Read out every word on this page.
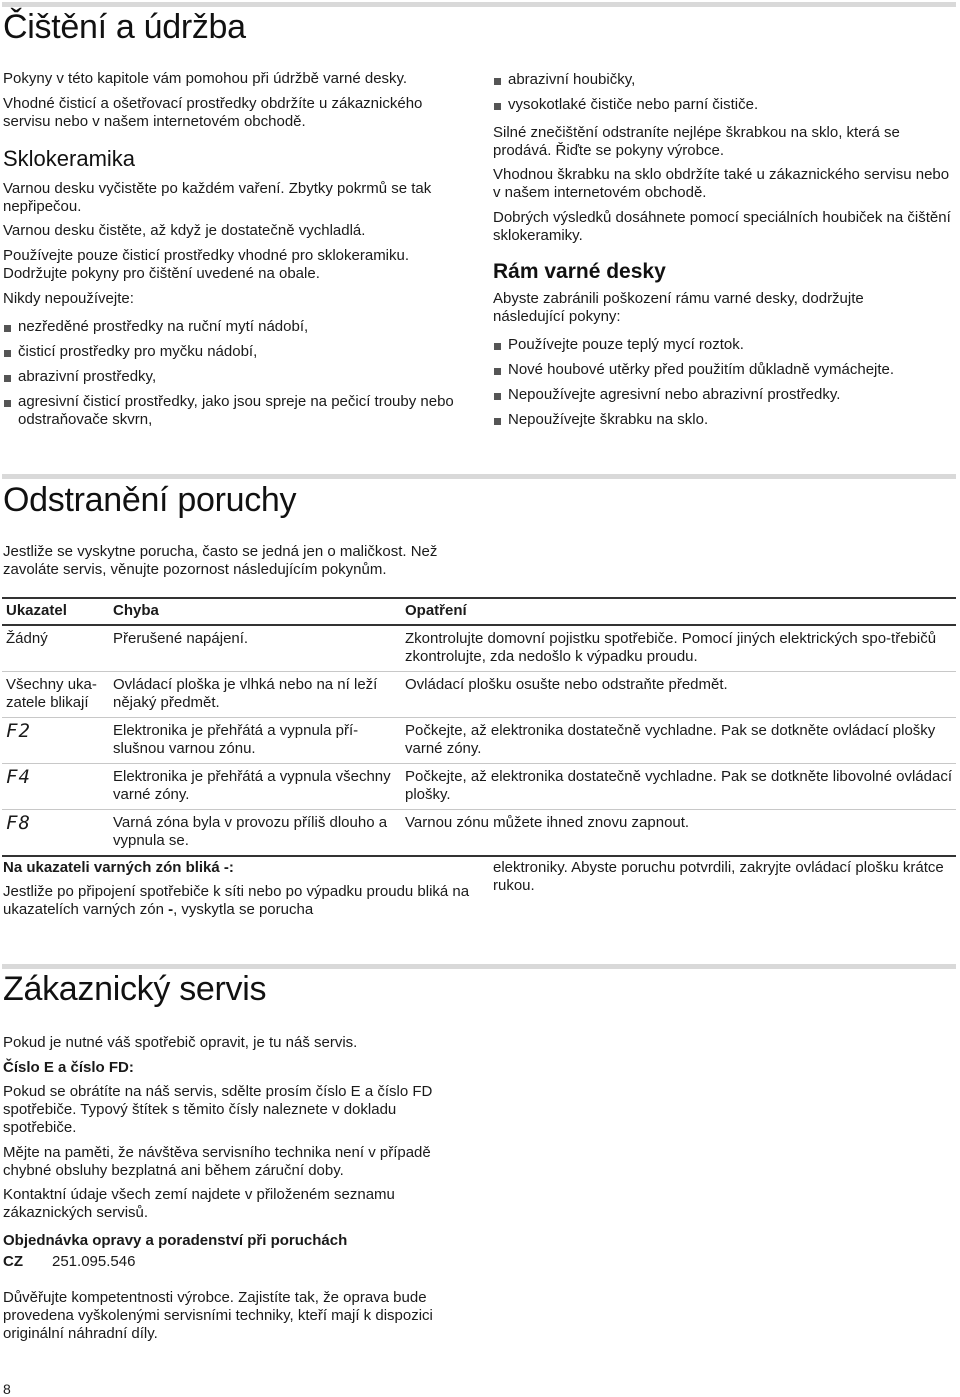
Čištění a údržba

Pokyny v této kapitole vám pomohou při údržbě varné desky.

Vhodné čisticí a ošetřovací prostředky obdržíte u zákaznického servisu nebo v našem internetovém obchodě.

Sklokeramika

Varnou desku vyčistěte po každém vaření. Zbytky pokrmů se tak nepřipečou.

Varnou desku čistěte, až když je dostatečně vychladlá.

Používejte pouze čisticí prostředky vhodné pro sklokeramiku. Dodržujte pokyny pro čištění uvedené na obale.

Nikdy nepoužívejte:

nezředěné prostředky na ruční mytí nádobí,
čisticí prostředky pro myčku nádobí,
abrazivní prostředky,
agresivní čisticí prostředky, jako jsou spreje na pečicí trouby nebo odstraňovače skvrn,
abrazivní houbičky,
vysokotlaké čističe nebo parní čističe.

Silné znečištění odstraníte nejlépe škrabkou na sklo, která se prodává. Řiďte se pokyny výrobce.

Vhodnou škrabku na sklo obdržíte také u zákaznického servisu nebo v našem internetovém obchodě.

Dobrých výsledků dosáhnete pomocí speciálních houbiček na čištění sklokeramiky.

Rám varné desky

Abyste zabránili poškození rámu varné desky, dodržujte následující pokyny:

Používejte pouze teplý mycí roztok.
Nové houbové utěrky před použitím důkladně vymáchejte.
Nepoužívejte agresivní nebo abrazivní prostředky.
Nepoužívejte škrabku na sklo.
Odstranění poruchy

Jestliže se vyskytne porucha, často se jedná jen o maličkost. Než zavoláte servis, věnujte pozornost následujícím pokynům.

Ukazatel	Chyba	Opatření
Žádný	Přerušené napájení.	Zkontrolujte domovní pojistku spotřebiče. Pomocí jiných elektrických spo-třebičů zkontrolujte, zda nedošlo k výpadku proudu.
Všechny uka-zatele blikají	Ovládací ploška je vlhká nebo na ní leží nějaký předmět.	Ovládací plošku osušte nebo odstraňte předmět.
F2	Elektronika je přehřátá a vypnula pří-slušnou varnou zónu.	Počkejte, až elektronika dostatečně vychladne. Pak se dotkněte ovládací plošky varné zóny.
F4	Elektronika je přehřátá a vypnula všechny varné zóny.	Počkejte, až elektronika dostatečně vychladne. Pak se dotkněte libovolné ovládací plošky.
F8	Varná zóna byla v provozu příliš dlouho a vypnula se.	Varnou zónu můžete ihned znovu zapnout.

Na ukazateli varných zón bliká -:

Jestliže po připojení spotřebiče k síti nebo po výpadku proudu bliká na ukazatelích varných zón -, vyskytla se porucha

elektroniky. Abyste poruchu potvrdili, zakryjte ovládací plošku krátce rukou.

Zákaznický servis

Pokud je nutné váš spotřebič opravit, je tu náš servis.

Číslo E a číslo FD:

Pokud se obrátíte na náš servis, sdělte prosím číslo E a číslo FD spotřebiče. Typový štítek s těmito čísly naleznete v dokladu spotřebiče.

Mějte na paměti, že návštěva servisního technika není v případě chybné obsluhy bezplatná ani během záruční doby.

Kontaktní údaje všech zemí najdete v přiloženém seznamu zákaznických servisů.

Objednávka opravy a poradenství při poruchách

CZ 251.095.546

Důvěřujte kompetentnosti výrobce. Zajistíte tak, že oprava bude provedena vyškolenými servisními techniky, kteří mají k dispozici originální náhradní díly.

8
